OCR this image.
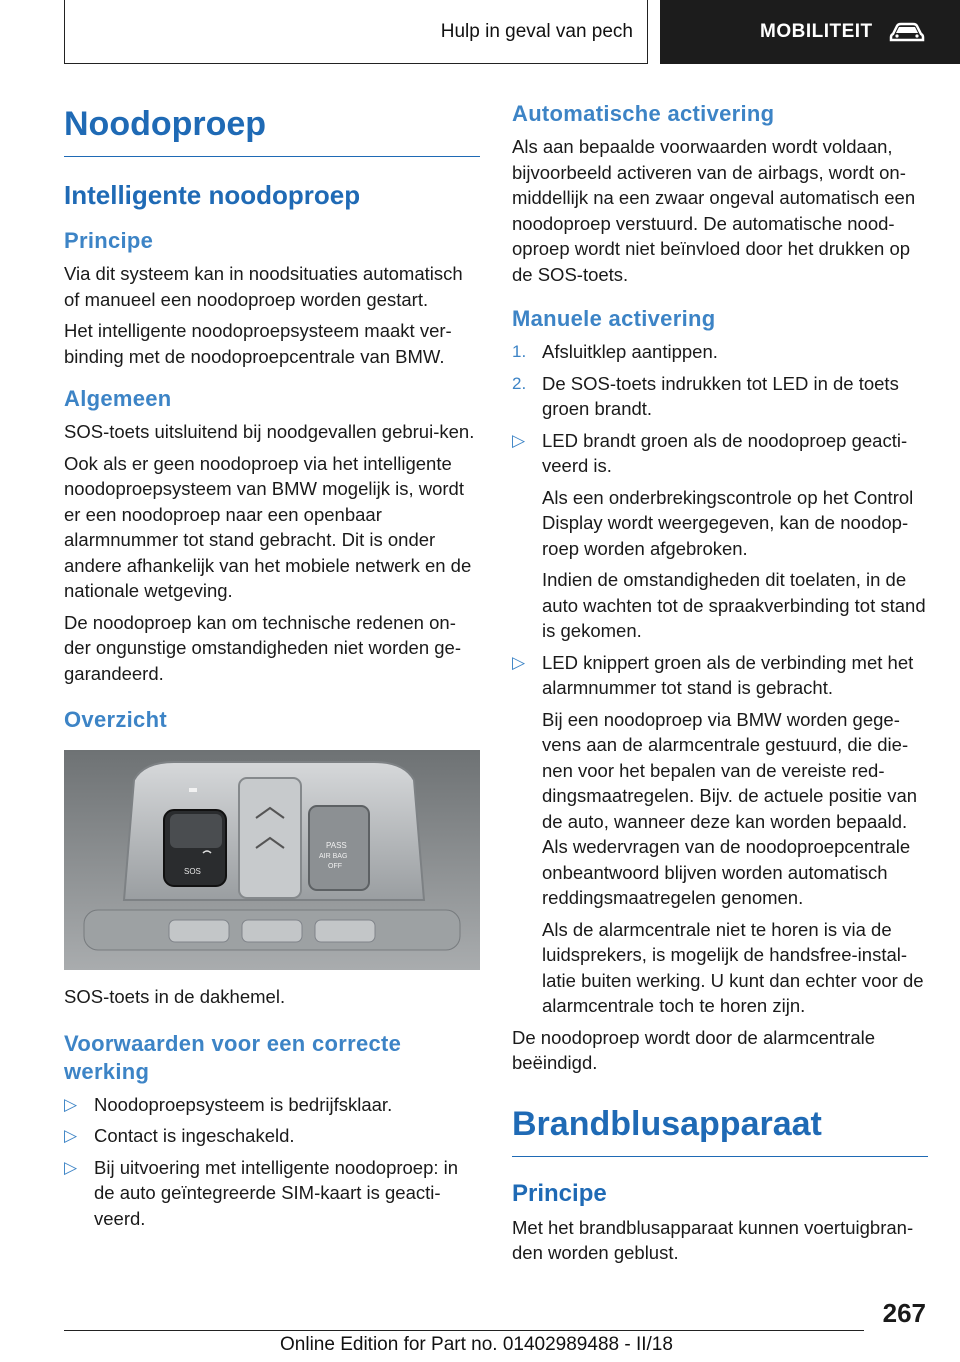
Hulp in geval van pech	MOBILITEIT
Noodoproep
Intelligente noodoproep
Principe

Via dit systeem kan in noodsituaties automatisch of manueel een noodoproep worden gestart.

Het intelligente noodoproepsysteem maakt ver‐binding met de noodoproepcentrale van BMW.

Algemeen

SOS-toets uitsluitend bij noodgevallen gebrui‐ken.

Ook als er geen noodoproep via het intelligente noodoproepsysteem van BMW mogelijk is, wordt er een noodoproep naar een openbaar alarmnummer tot stand gebracht. Dit is onder andere afhankelijk van het mobiele netwerk en de nationale wetgeving.

De noodoproep kan om technische redenen on‐der ongunstige omstandigheden niet worden ge‐garandeerd.

Overzicht
SOS
PASS
AIR BAG
OFF

SOS-toets in de dakhemel.

Voorwaarden voor een correcte werking
▷ Noodoproepsysteem is bedrijfsklaar.
▷ Contact is ingeschakeld.
▷ Bij uitvoering met intelligente noodoproep: in de auto geïntegreerde SIM-kaart is geacti‐veerd.
Automatische activering

Als aan bepaalde voorwaarden wordt voldaan, bijvoorbeeld activeren van de airbags, wordt on‐middellijk na een zwaar ongeval automatisch een noodoproep verstuurd. De automatische nood‐oproep wordt niet beïnvloed door het drukken op de SOS-toets.

Manuele activering
1. Afsluitklep aantippen.
2. De SOS-toets indrukken tot LED in de toets groen brandt.
▷ LED brandt groen als de noodoproep geacti‐veerd is.
Als een onderbrekingscontrole op het Control Display wordt weergegeven, kan de noodop‐roep worden afgebroken.
Indien de omstandigheden dit toelaten, in de auto wachten tot de spraakverbinding tot stand is gekomen.
▷ LED knippert groen als de verbinding met het alarmnummer tot stand is gebracht.
Bij een noodoproep via BMW worden gege‐vens aan de alarmcentrale gestuurd, die die‐nen voor het bepalen van de vereiste red‐dingsmaatregelen. Bijv. de actuele positie van de auto, wanneer deze kan worden bepaald. Als wedervragen van de noodoproepcentrale onbeantwoord blijven worden automatisch reddingsmaatregelen genomen.
Als de alarmcentrale niet te horen is via de luidsprekers, is mogelijk de handsfree-instal‐latie buiten werking. U kunt dan echter voor de alarmcentrale toch te horen zijn.

De noodoproep wordt door de alarmcentrale beëindigd.

Brandblusapparaat
Principe

Met het brandblusapparaat kunnen voertuigbran‐den worden geblust.

267
Online Edition for Part no. 01402989488 - II/18
